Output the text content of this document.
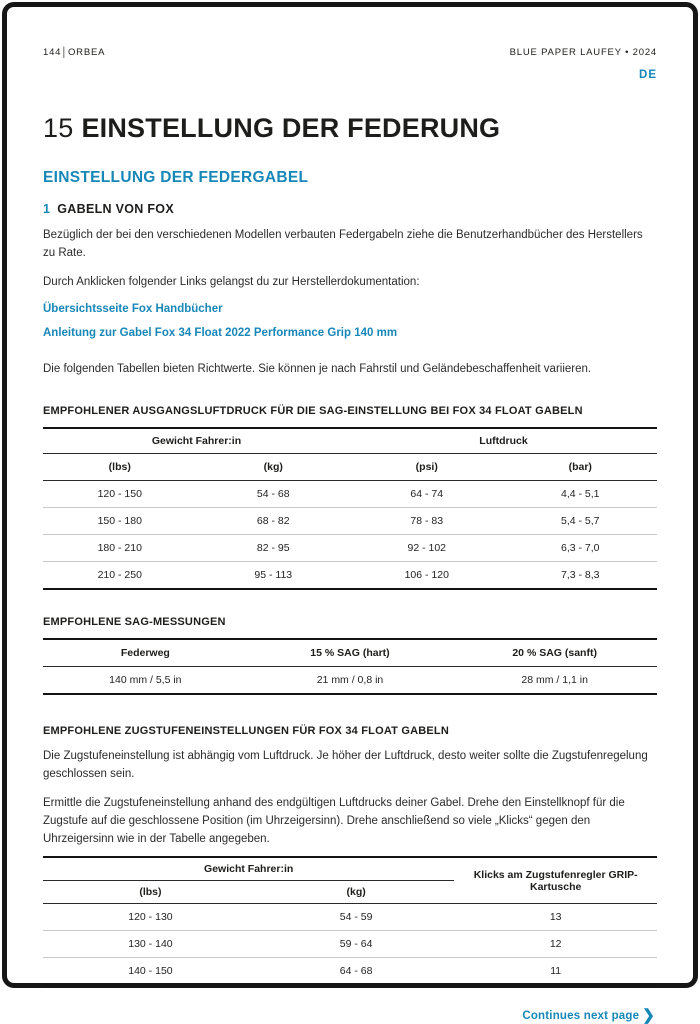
144│ORBEA	BLUE PAPER LAUFEY • 2024
DE
15 EINSTELLUNG DER FEDERUNG
EINSTELLUNG DER FEDERGABEL
1 GABELN VON FOX

Bezüglich der bei den verschiedenen Modellen verbauten Federgabeln ziehe die Benutzerhandbücher des Herstellers zu Rate.

Durch Anklicken folgender Links gelangst du zur Herstellerdokumentation:

Übersichtsseite Fox Handbücher
Anleitung zur Gabel Fox 34 Float 2022 Performance Grip 140 mm

Die folgenden Tabellen bieten Richtwerte. Sie können je nach Fahrstil und Geländebeschaffenheit variieren.

EMPFOHLENER AUSGANGSLUFTDRUCK FÜR DIE SAG-EINSTELLUNG BEI FOX 34 FLOAT GABELN
Gewicht Fahrer:in		Luftdruck	
(lbs)	(kg)	(psi)	(bar)
120 - 150	54 - 68	64 - 74	4,4 - 5,1
150 - 180	68 - 82	78 - 83	5,4 - 5,7
180 - 210	82 - 95	92 - 102	6,3 - 7,0
210 - 250	95 - 113	106 - 120	7,3 - 8,3
EMPFOHLENE SAG-MESSUNGEN
Federweg	15 % SAG (hart)	20 % SAG (sanft)
140 mm / 5,5 in	21 mm / 0,8 in	28 mm / 1,1 in
EMPFOHLENE ZUGSTUFENEINSTELLUNGEN FÜR FOX 34 FLOAT GABELN

Die Zugstufeneinstellung ist abhängig vom Luftdruck. Je höher der Luftdruck, desto weiter sollte die Zugstufenregelung geschlossen sein.

Ermittle die Zugstufeneinstellung anhand des endgültigen Luftdrucks deiner Gabel. Drehe den Einstellknopf für die Zugstufe auf die geschlossene Position (im Uhrzeigersinn). Drehe anschließend so viele „Klicks“ gegen den Uhrzeigersinn wie in der Tabelle angegeben.

Gewicht Fahrer:in		Klicks am Zugstufenregler GRIP-Kartusche
(lbs)	(kg)	
120 - 130	54 - 59	13
130 - 140	59 - 64	12
140 - 150	64 - 68	11
Continues next page ❯
